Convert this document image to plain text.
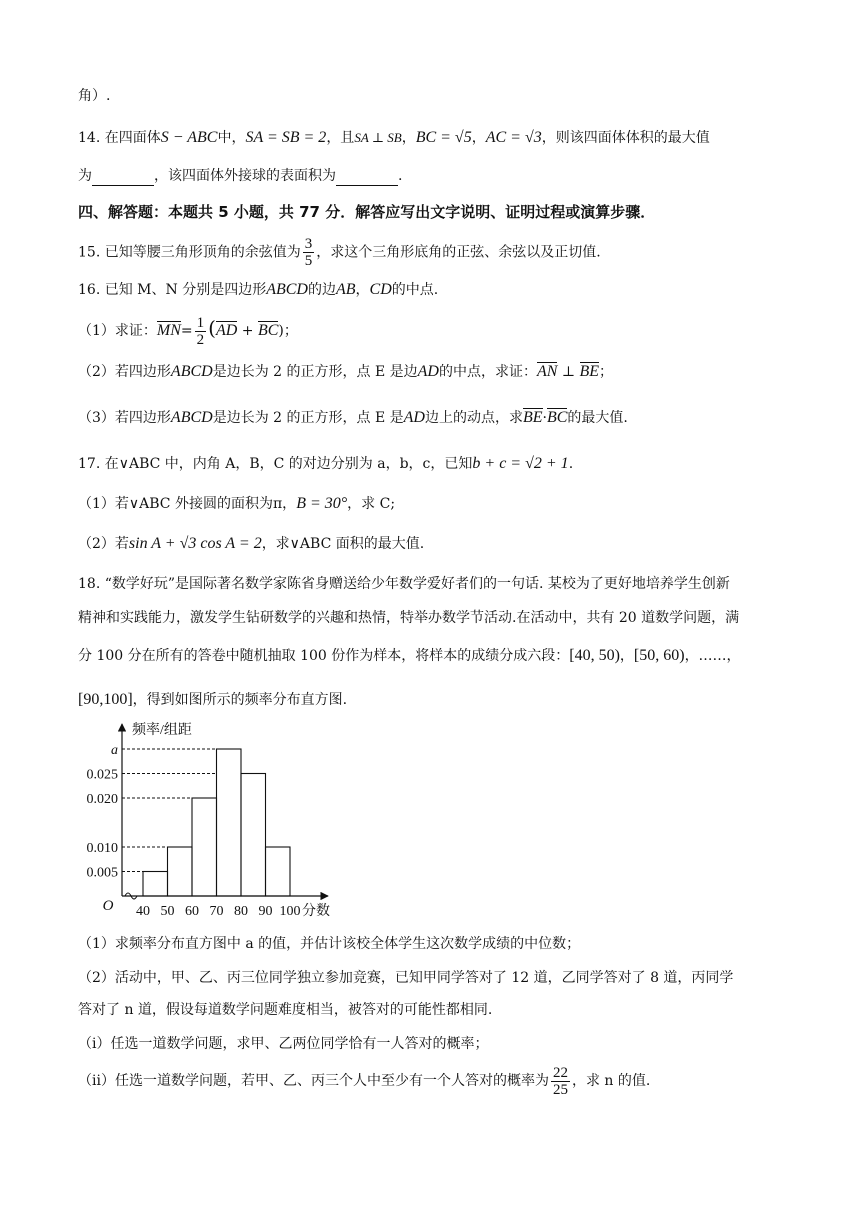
角）.
14. 在四面体S − ABC中，SA = SB = 2，且SA ⊥ SB，BC = √5，AC = √3，则该四面体体积的最大值
为	，该四面体外接球的表面积为	.
四、解答题：本题共 5 小题，共 77 分．解答应写出文字说明、证明过程或演算步骤．
15. 已知等腰三角形顶角的余弦值为 $\frac{3}{5}$ ，求这个三角形底角的正弦、余弦以及正切值.
16. 已知 M、N 分别是四边形ABCD的边AB，CD的中点.
（1）求证：$MN= \frac{1}{2} (AD + BC)$；
（2）若四边形ABCD是边长为 2 的正方形，点 E 是边AD的中点，求证：AN ⊥ BE；
（3）若四边形ABCD是边长为 2 的正方形，点 E 是AD边上的动点，求BE·BC的最大值.
17. 在∨ABC 中，内角 A，B，C 的对边分别为 a，b，c，已知b + c = √2 + 1.
（1）若∨ABC 外接圆的面积为π，B = 30°，求 C;
（2）若sin A + √3 cos A = 2，求∨ABC 面积的最大值.
18. “数学好玩”是国际著名数学家陈省身赠送给少年数学爱好者们的一句话. 某校为了更好地培养学生创新
精神和实践能力，激发学生钻研数学的兴趣和热情，特举办数学节活动.在活动中，共有 20 道数学问题，满
分 100 分在所有的答卷中随机抽取 100 份作为样本，将样本的成绩分成六段：[40, 50)，[50, 60)，……，
[90,100]，得到如图所示的频率分布直方图.
0.005
0.010
0.020
0.025
a
40 50 60 70 80 90 100 分数
频率/组距
O
（1）求频率分布直方图中 a 的值，并估计该校全体学生这次数学成绩的中位数；
（2）活动中，甲、乙、丙三位同学独立参加竞赛，已知甲同学答对了 12 道，乙同学答对了 8 道，丙同学
答对了 n 道，假设每道数学问题难度相当，被答对的可能性都相同.
（i）任选一道数学问题，求甲、乙两位同学恰有一人答对的概率；
（ii）任选一道数学问题，若甲、乙、丙三个人中至少有一个人答对的概率为 $\frac{22}{25}$ ，求 n 的值.
